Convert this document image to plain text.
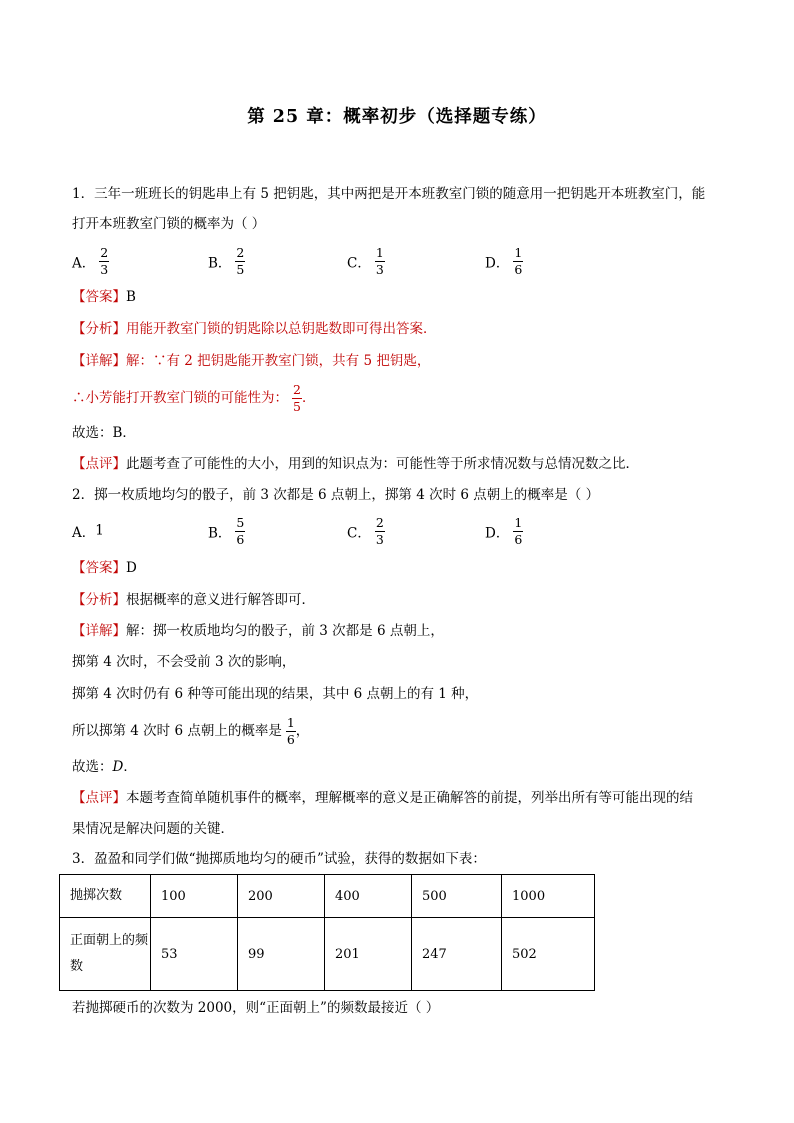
第 25 章：概率初步（选择题专练）
1．三年一班班长的钥匙串上有 5 把钥匙，其中两把是开本班教室门锁的随意用一把钥匙开本班教室门，能
打开本班教室门锁的概率为（ ）
A． $\frac{2}{3}$	B． $\frac{2}{5}$	C． $\frac{1}{3}$	D． $\frac{1}{6}$
【答案】B
【分析】用能开教室门锁的钥匙除以总钥匙数即可得出答案．
【详解】解：∵有 2 把钥匙能开教室门锁，共有 5 把钥匙，
∴小芳能打开教室门锁的可能性为： $\frac{2}{5}$ ．
故选：B．
【点评】此题考查了可能性的大小，用到的知识点为：可能性等于所求情况数与总情况数之比．
2．掷一枚质地均匀的骰子，前 3 次都是 6 点朝上，掷第 4 次时 6 点朝上的概率是（ ）
A．1	B． $\frac{5}{6}$	C． $\frac{2}{3}$	D． $\frac{1}{6}$
【答案】D
【分析】根据概率的意义进行解答即可．
【详解】解：掷一枚质地均匀的骰子，前 3 次都是 6 点朝上，
掷第 4 次时，不会受前 3 次的影响，
掷第 4 次时仍有 6 种等可能出现的结果，其中 6 点朝上的有 1 种，
所以掷第 4 次时 6 点朝上的概率是 $\frac{1}{6}$ ，
故选：D．
【点评】本题考查简单随机事件的概率，理解概率的意义是正确解答的前提，列举出所有等可能出现的结
果情况是解决问题的关键．
3．盈盈和同学们做“抛掷质地均匀的硬币”试验，获得的数据如下表：
抛掷次数	100	200	400	500	1000
正面朝上的频数	53	99	201	247	502
若抛掷硬币的次数为 2000，则“正面朝上”的频数最接近（ ）
